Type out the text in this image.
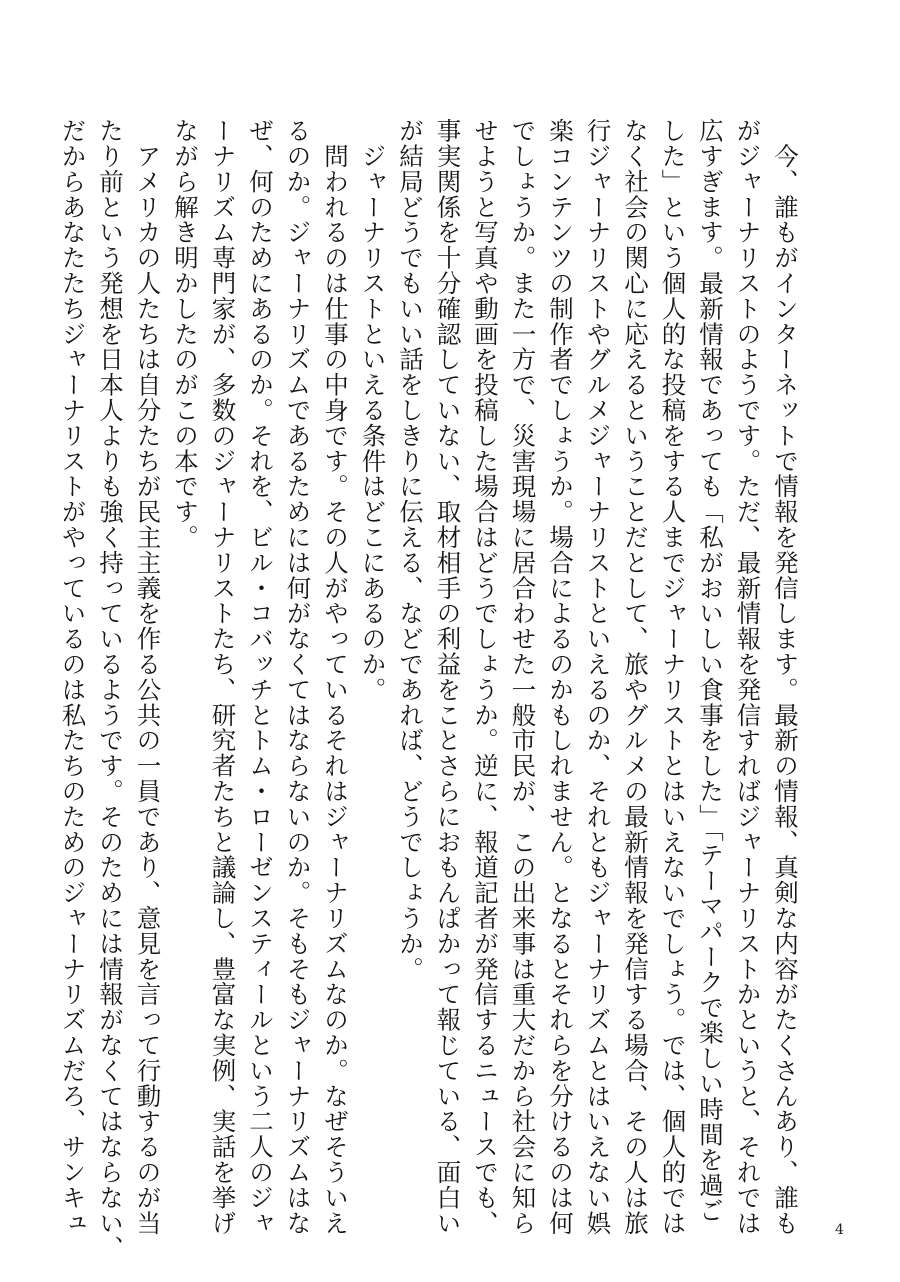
　今、誰もがインターネットで情報を発信します。最新の情報、真剣な内容がたくさんあり、誰も
がジャーナリストのようです。ただ、最新情報を発信すればジャーナリストかというと、それでは
広すぎます。最新情報であっても「私がおいしい食事をした」「テーマパークで楽しい時間を過ご
した」という個人的な投稿をする人までジャーナリストとはいえないでしょう。では、個人的では
なく社会の関心に応えるということだとして、旅やグルメの最新情報を発信する場合、その人は旅
行ジャーナリストやグルメジャーナリストといえるのか、それともジャーナリズムとはいえない娯
楽コンテンツの制作者でしょうか。場合によるのかもしれません。となるとそれらを分けるのは何
でしょうか。また一方で、災害現場に居合わせた一般市民が、この出来事は重大だから社会に知ら
せようと写真や動画を投稿した場合はどうでしょうか。逆に、報道記者が発信するニュースでも、
事実関係を十分確認していない、取材相手の利益をことさらにおもんぱかって報じている、面白い
が結局どうでもいい話をしきりに伝える、などであれば、どうでしょうか。
　ジャーナリストといえる条件はどこにあるのか。
　問われるのは仕事の中身です。その人がやっているそれはジャーナリズムなのか。なぜそういえ
るのか。ジャーナリズムであるためには何がなくてはならないのか。そもそもジャーナリズムはな
ぜ、何のためにあるのか。それを、ビル・コバッチとトム・ローゼンスティールという二人のジャ
ーナリズム専門家が、多数のジャーナリストたち、研究者たちと議論し、豊富な実例、実話を挙げ
ながら解き明かしたのがこの本です。
　アメリカの人たちは自分たちが民主主義を作る公共の一員であり、意見を言って行動するのが当
たり前という発想を日本人よりも強く持っているようです。そのためには情報がなくてはならない、
だからあなたたちジャーナリストがやっているのは私たちのためのジャーナリズムだろ、サンキュ	4
